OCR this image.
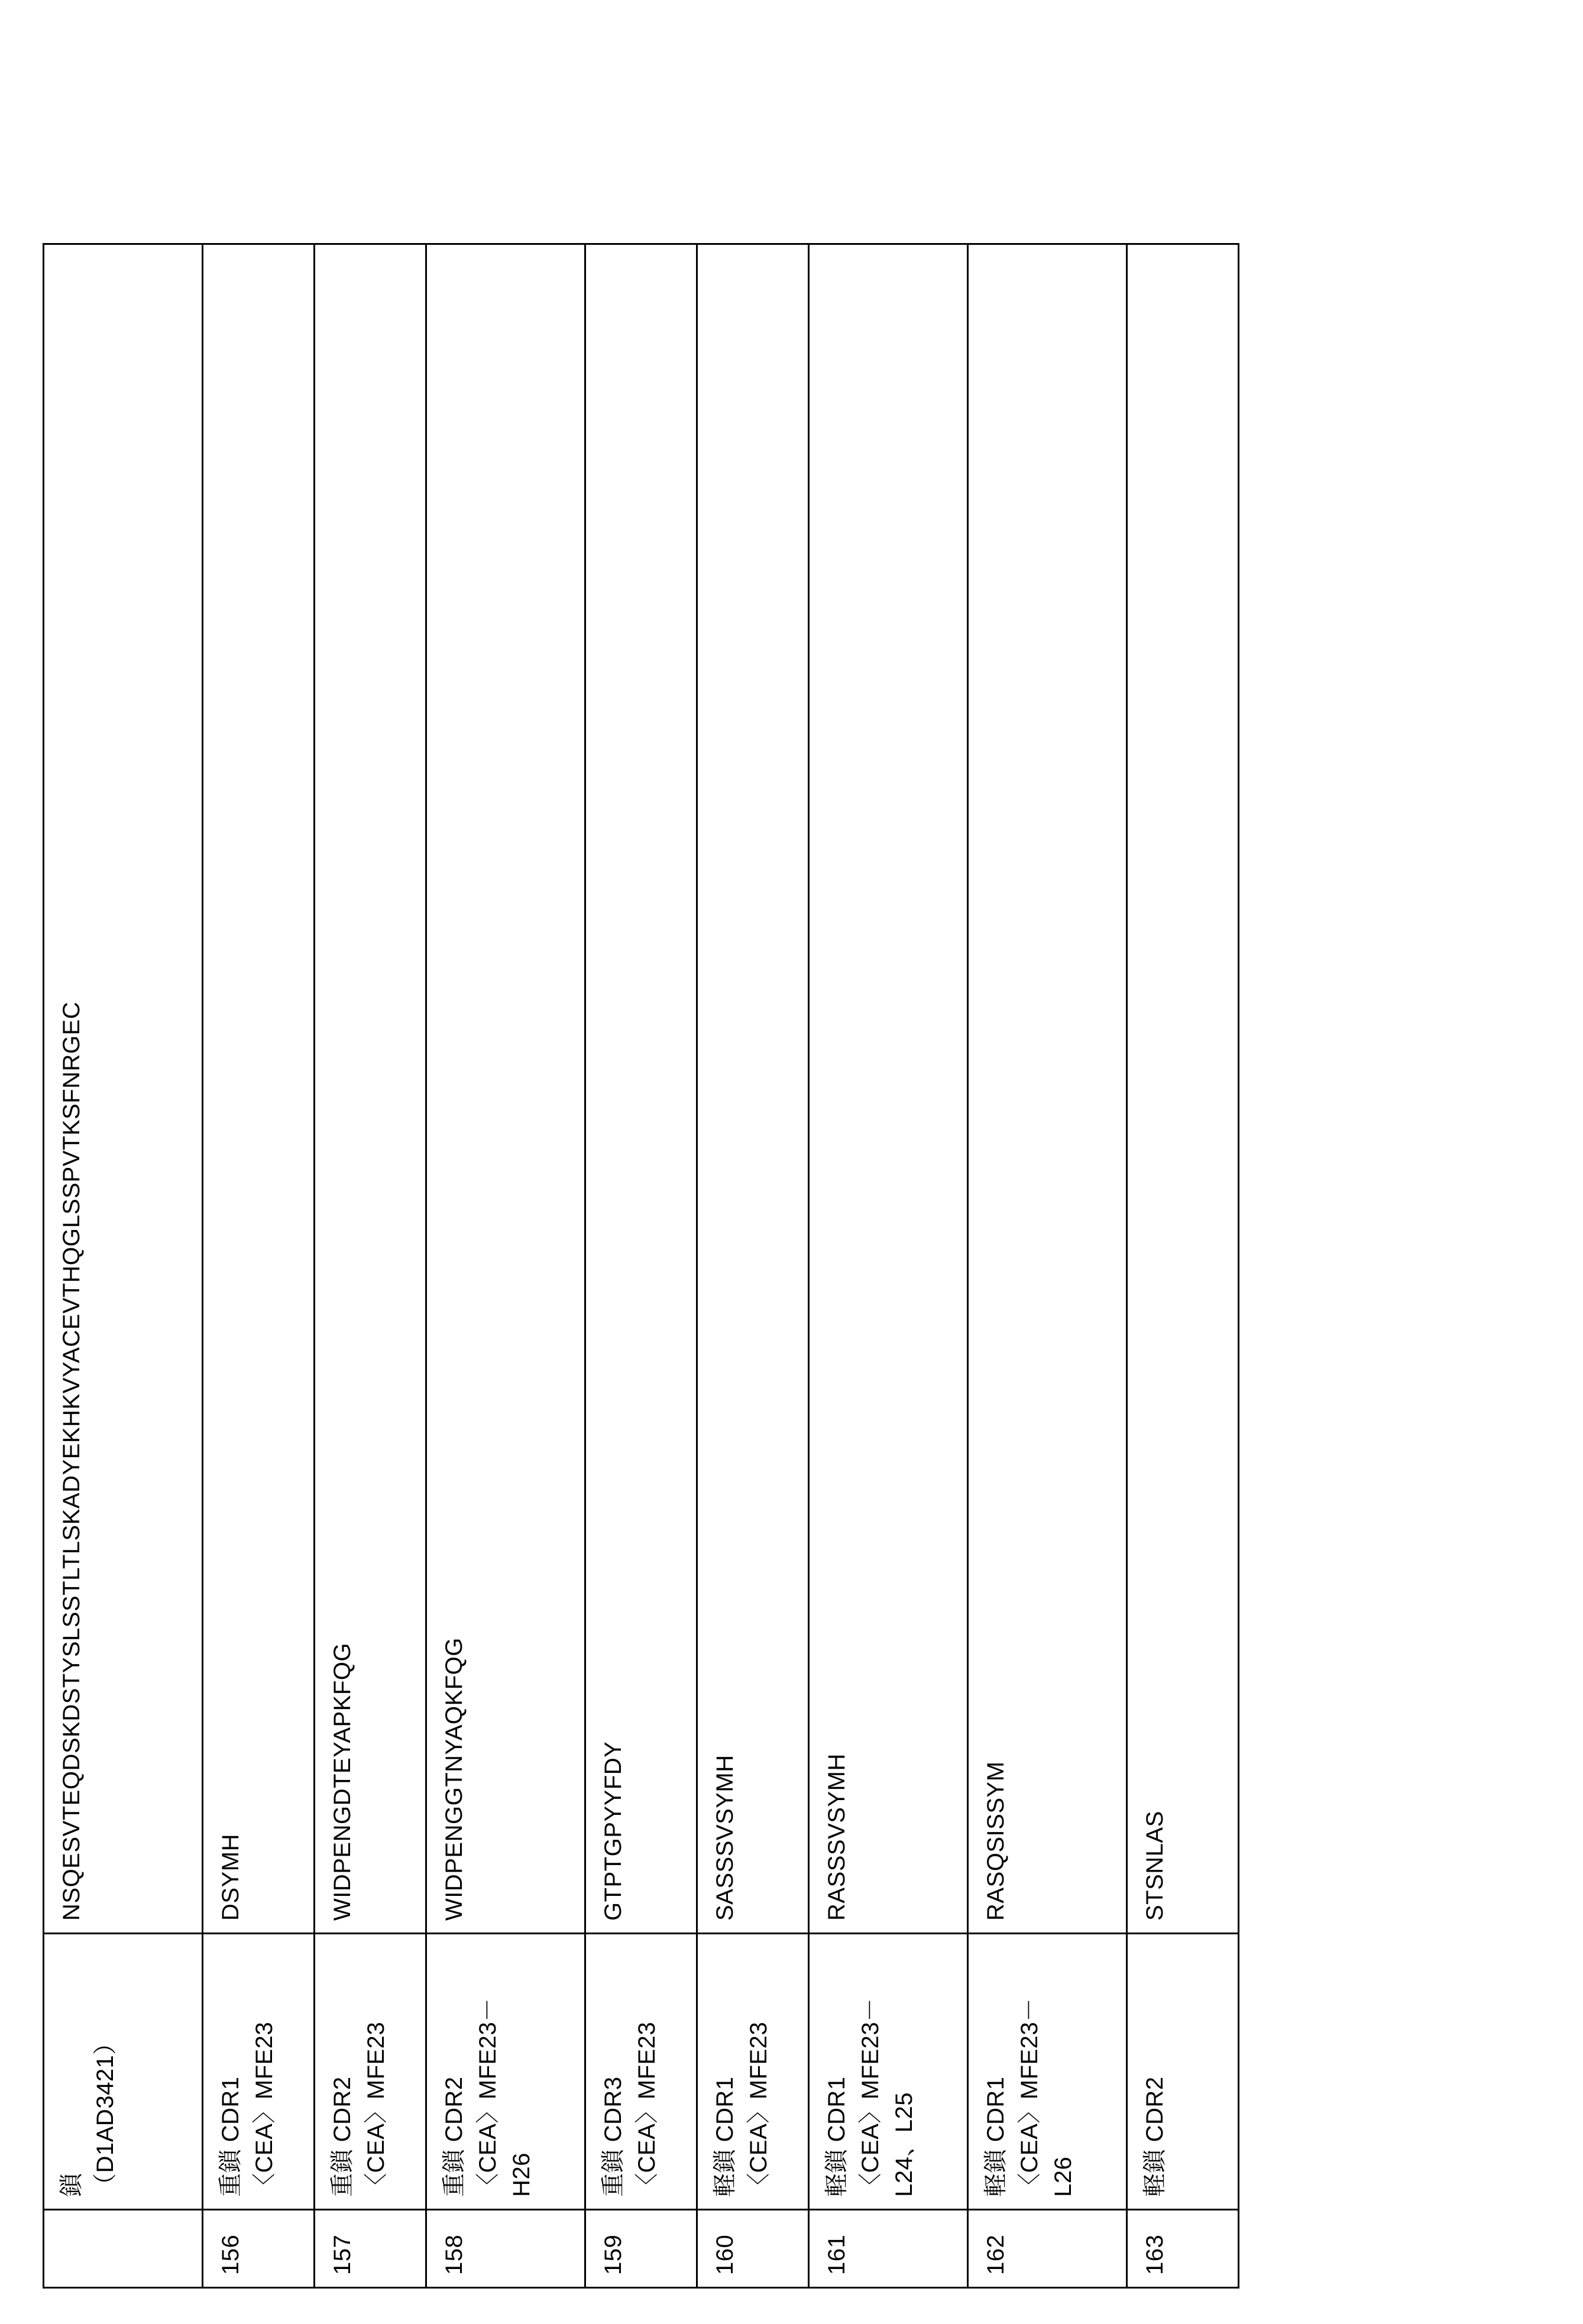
	鎖 （D1AD3421）	NSQESVTEQDSKDSTYSLSSTLTLSKADYEKHKVYACEVTHQGLSSPVTKSFNRGEC
156	重鎖 CDR1 〈CEA〉MFE23	DSYMH
157	重鎖 CDR2 〈CEA〉MFE23	WIDPENGDTEYAPKFQG
158	重鎖 CDR2 〈CEA〉MFE23－ H26	WIDPENGGTNYAQKFQG
159	重鎖 CDR3 〈CEA〉MFE23	GTPTGPYYFDY
160	軽鎖 CDR1 〈CEA〉MFE23	SASSSVSYMH
161	軽鎖 CDR1 〈CEA〉MFE23－ L24、L25	RASSSVSYMH
162	軽鎖 CDR1 〈CEA〉MFE23－ L26	RASQSISSYM
163	軽鎖 CDR2	STSNLAS
